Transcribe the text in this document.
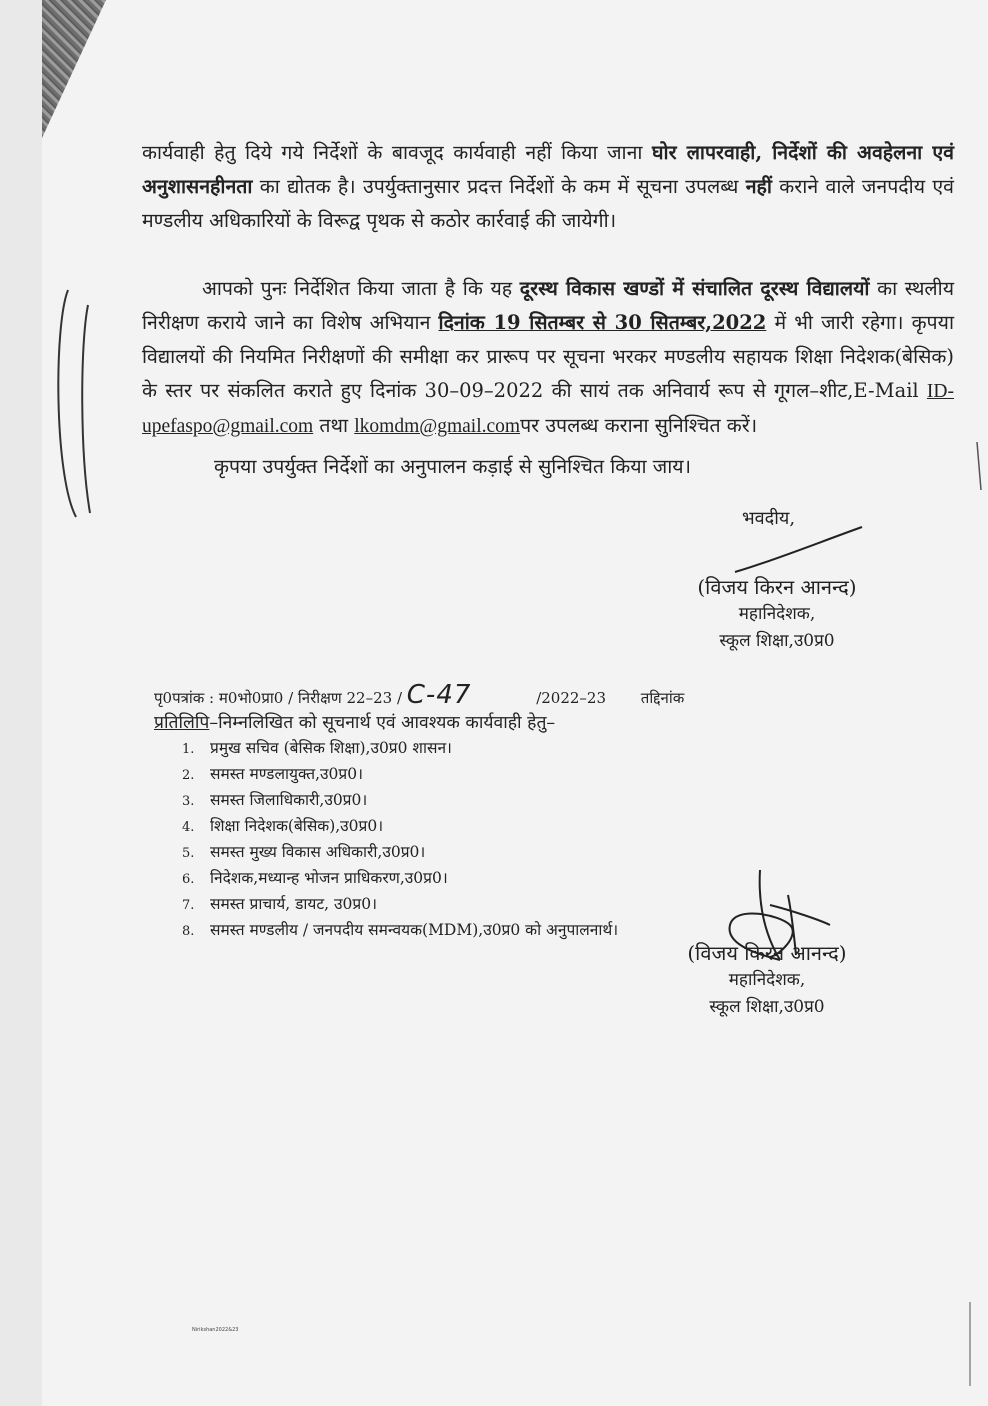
कार्यवाही हेतु दिये गये निर्देशों के बावजूद कार्यवाही नहीं किया जाना घोर लापरवाही, निर्देशों की अवहेलना एवं अनुशासनहीनता का द्योतक है। उपर्युक्तानुसार प्रदत्त निर्देशों के कम में सूचना उपलब्ध नहीं कराने वाले जनपदीय एवं मण्डलीय अधिकारियों के विरूद्व पृथक से कठोर कार्रवाई की जायेगी।

आपको पुनः निर्देशित किया जाता है कि यह दूरस्थ विकास खण्डों में संचालित दूरस्थ विद्यालयों का स्थलीय निरीक्षण कराये जाने का विशेष अभियान दिनांक 19 सितम्बर से 30 सितम्बर,2022 में भी जारी रहेगा। कृपया विद्यालयों की नियमित निरीक्षणों की समीक्षा कर प्रारूप पर सूचना भरकर मण्डलीय सहायक शिक्षा निदेशक(बेसिक) के स्तर पर संकलित कराते हुए दिनांक 30–09–2022 की सायं तक अनिवार्य रूप से गूगल–शीट,E-Mail ID-upefaspo@gmail.com तथा lkomdm@gmail.comपर उपलब्ध कराना सुनिश्चित करें।

कृपया उपर्युक्त निर्देशों का अनुपालन कड़ाई से सुनिश्चित किया जाय।

भवदीय,
(विजय किरन आनन्द)
महानिदेशक,
स्कूल शिक्षा,उ0प्र0
पृ0पत्रांक : म0भो0प्रा0 / निरीक्षण 22–23 / C-47	/2022–23 तद्दिनांक
प्रतिलिपि–निम्नलिखित को सूचनार्थ एवं आवश्यक कार्यवाही हेतु–
1. प्रमुख सचिव (बेसिक शिक्षा),उ0प्र0 शासन।
2. समस्त मण्डलायुक्त,उ0प्र0।
3. समस्त जिलाधिकारी,उ0प्र0।
4. शिक्षा निदेशक(बेसिक),उ0प्र0।
5. समस्त मुख्य विकास अधिकारी,उ0प्र0।
6. निदेशक,मध्यान्ह भोजन प्राधिकरण,उ0प्र0।
7. समस्त प्राचार्य, डायट, उ0प्र0।
8. समस्त मण्डलीय / जनपदीय समन्वयक(MDM),उ0प्र0 को अनुपालनार्थ।
(विजय किरन आनन्द)
महानिदेशक,
स्कूल शिक्षा,उ0प्र0
Nirikshan2022&23
